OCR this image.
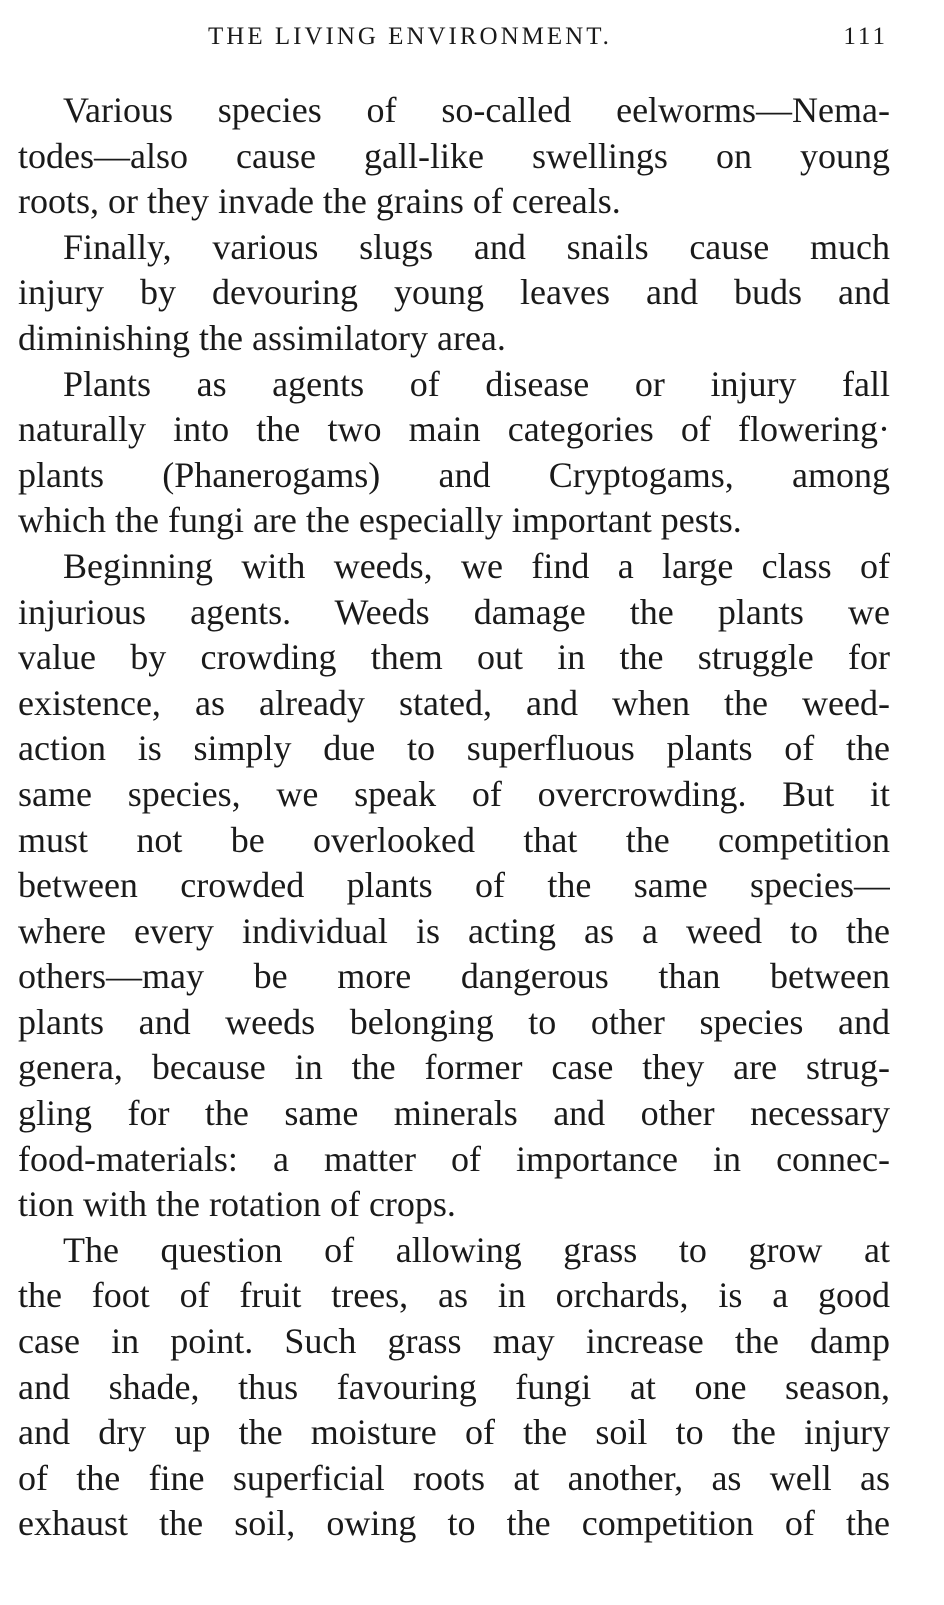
THE LIVING ENVIRONMENT.	111

Various species of so-called eelworms—Nema-
todes—also cause gall-like swellings on young
roots, or they invade the grains of cereals.

Finally, various slugs and snails cause much
injury by devouring young leaves and buds and
diminishing the assimilatory area.

Plants as agents of disease or injury fall
naturally into the two main categories of flowering·
plants (Phanerogams) and Cryptogams, among
which the fungi are the especially important pests.

Beginning with weeds, we find a large class of
injurious agents. Weeds damage the plants we
value by crowding them out in the struggle for
existence, as already stated, and when the weed-
action is simply due to superfluous plants of the
same species, we speak of overcrowding. But it
must not be overlooked that the competition
between crowded plants of the same species—
where every individual is acting as a weed to the
others—may be more dangerous than between
plants and weeds belonging to other species and
genera, because in the former case they are strug-
gling for the same minerals and other necessary
food-materials: a matter of importance in connec-
tion with the rotation of crops.

The question of allowing grass to grow at
the foot of fruit trees, as in orchards, is a good
case in point. Such grass may increase the damp
and shade, thus favouring fungi at one season,
and dry up the moisture of the soil to the injury
of the fine superficial roots at another, as well as
exhaust the soil, owing to the competition of the
